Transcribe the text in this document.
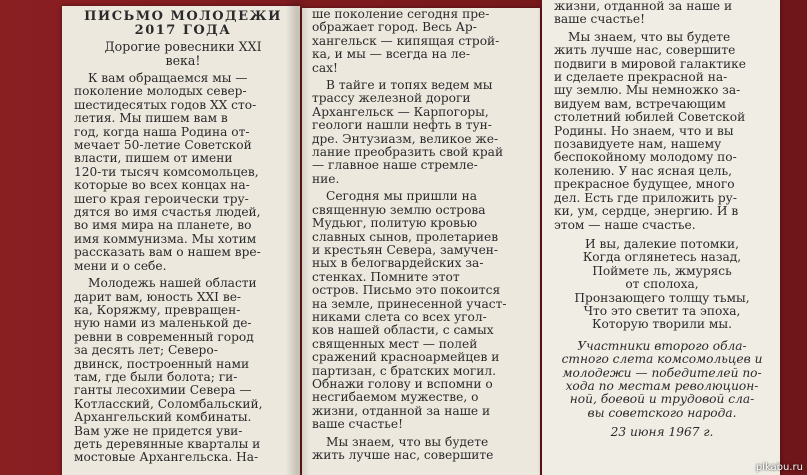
ПИСЬМО МОЛОДЕЖИ
2017 ГОДА

Дорогие ровесники XXI
века!

К вам обращаемся мы —
поколение молодых север-
шестидесятых годов XX сто-
летия. Мы пишем вам в
год, когда наша Родина от-
мечает 50-летие Советской
власти, пишем от имени
120-ти тысяч комсомольцев,
которые во всех концах на-
шего края героически тру-
дятся во имя счастья людей,
во имя мира на планете, во
имя коммунизма. Мы хотим
рассказать вам о нашем вре-
мени и о себе.

Молодежь нашей области
дарит вам, юность XXI ве-
ка, Коряжму, превращен-
ную нами из маленькой де-
ревни в современный город
за десять лет; Северо-
двинск, построенный нами
там, где были болота; ги-
ганты лесохимии Севера —
Котласский, Соломбальский,
Архангельский комбинаты.
Вам уже не придется уви-
деть деревянные кварталы и
мостовые Архангельска. На-

ше поколение сегодня пре-
ображает город. Весь Ар-
хангельск — кипящая строй-
ка, и мы — всегда на ле-
сах!

В тайге и топях ведем мы
трассу железной дороги
Архангельск — Карпогоры,
геологи нашли нефть в тун-
дре. Энтузиазм, великое же-
лание преобразить свой край
— главное наше стремле-
ние.

Сегодня мы пришли на
священную землю острова
Мудьюг, политую кровью
славных сынов, пролетариев
и крестьян Севера, замучен-
ных в белогвардейских за-
стенках. Помните этот
остров. Письмо это покоится
на земле, принесенной участ-
никами слета со всех угол-
ков нашей области, с самых
священных мест — полей
сражений красноармейцев и
партизан, с братских могил.
Обнажи голову и вспомни о
несгибаемом мужестве, о
жизни, отданной за наше и
ваше счастье!

Мы знаем, что вы будете
жить лучше нас, совершите

жизни, отданной за наше и
ваше счастье!

Мы знаем, что вы будете
жить лучше нас, совершите
подвиги в мировой галактике
и сделаете прекрасной на-
шу землю. Мы немножко за-
видуем вам, встречающим
столетний юбилей Советской
Родины. Но знаем, что и вы
позавидуете нам, нашему
беспокойному молодому по-
колению. У нас ясная цель,
прекрасное будущее, много
дел. Есть где приложить ру-
ки, ум, сердце, энергию. И в
этом — наше счастье.

И вы, далекие потомки,
Когда оглянетесь назад,
Поймете ль, жмурясь
от сполоха,
Пронзающего толщу тьмы,
Что это светит та эпоха,
Которую творили мы.
Участники второго обла-
стного слета комсомольцев и
молодежи — победителей по-
хода по местам революцион-
ной, боевой и трудовой сла-
вы советского народа.
23 июня 1967 г.
pikabu.ru
